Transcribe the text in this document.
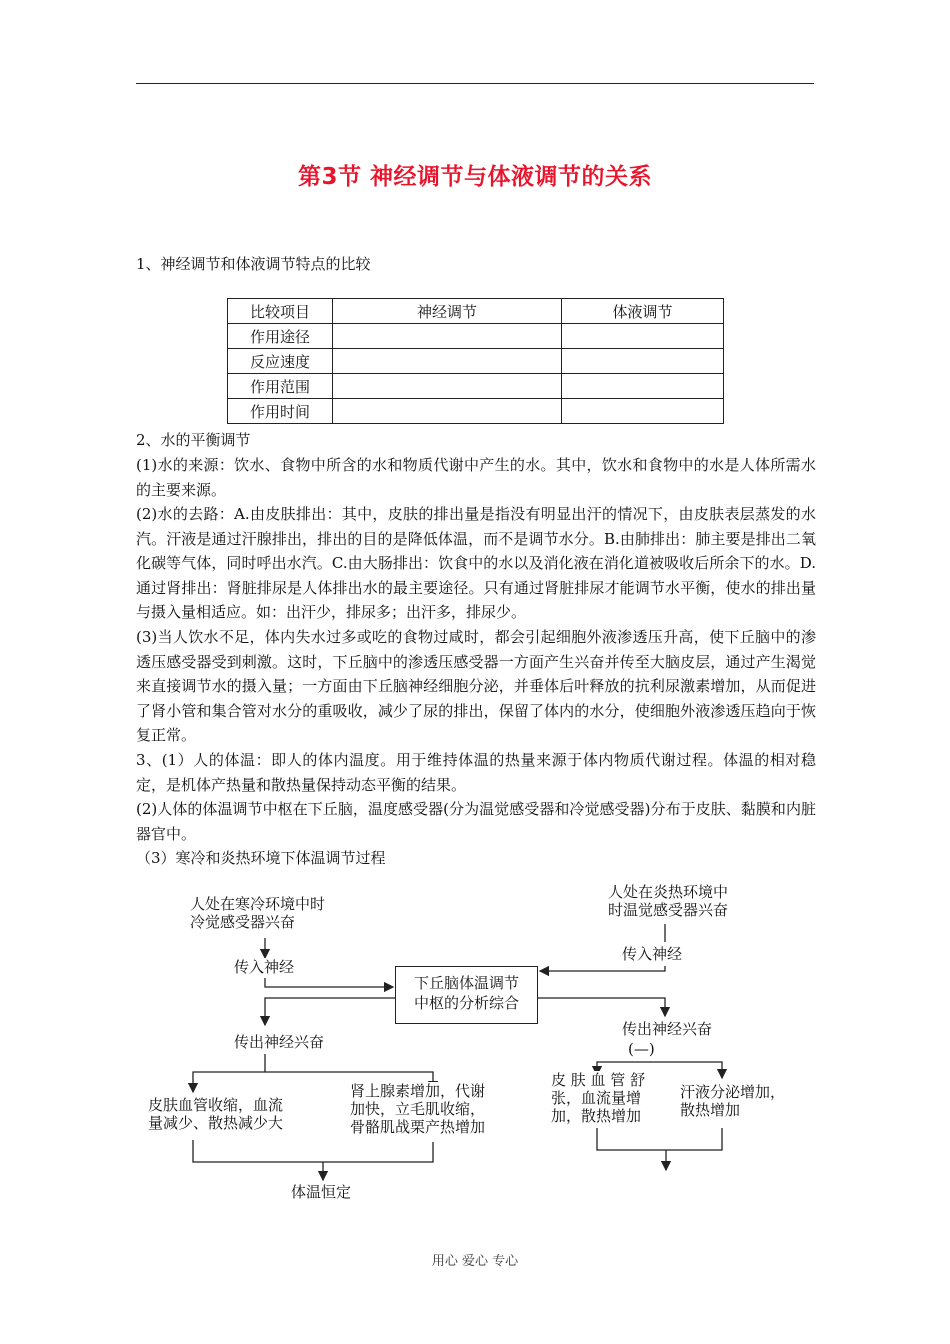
第3节 神经调节与体液调节的关系
1、神经调节和体液调节特点的比较
比较项目	神经调节	体液调节
作用途径		
反应速度		
作用范围		
作用时间		
2、水的平衡调节
(1)水的来源：饮水、食物中所含的水和物质代谢中产生的水。其中，饮水和食物中的水是人体所需水的主要来源。
(2)水的去路：A.由皮肤排出：其中，皮肤的排出量是指没有明显出汗的情况下，由皮肤表层蒸发的水汽。汗液是通过汗腺排出，排出的目的是降低体温，而不是调节水分。B.由肺排出：肺主要是排出二氧化碳等气体，同时呼出水汽。C.由大肠排出：饮食中的水以及消化液在消化道被吸收后所余下的水。D.通过肾排出：肾脏排尿是人体排出水的最主要途径。只有通过肾脏排尿才能调节水平衡，使水的排出量与摄入量相适应。如：出汗少，排尿多；出汗多，排尿少。
(3)当人饮水不足，体内失水过多或吃的食物过咸时，都会引起细胞外液渗透压升高，使下丘脑中的渗透压感受器受到刺激。这时，下丘脑中的渗透压感受器一方面产生兴奋并传至大脑皮层，通过产生渴觉来直接调节水的摄入量；一方面由下丘脑神经细胞分泌，并垂体后叶释放的抗利尿激素增加，从而促进了肾小管和集合管对水分的重吸收，减少了尿的排出，保留了体内的水分，使细胞外液渗透压趋向于恢复正常。
3、(1）人的体温：即人的体内温度。用于维持体温的热量来源于体内物质代谢过程。体温的相对稳定，是机体产热量和散热量保持动态平衡的结果。
(2)人体的体温调节中枢在下丘脑，温度感受器(分为温觉感受器和冷觉感受器)分布于皮肤、黏膜和内脏器官中。
（3）寒冷和炎热环境下体温调节过程
人处在寒冷环境中时
冷觉感受器兴奋
传入神经
下丘脑体温调节
中枢的分析综合
传出神经兴奋
皮肤血管收缩，血流
量减少、散热减少大
肾上腺素增加，代谢
加快，立毛肌收缩，
骨骼肌战栗产热增加
体温恒定
人处在炎热环境中
时温觉感受器兴奋
传入神经
传出神经兴奋
(—)
皮 肤 血 管 舒
张，血流量增
加，散热增加
汗液分泌增加，
散热增加
用心 爱心 专心
